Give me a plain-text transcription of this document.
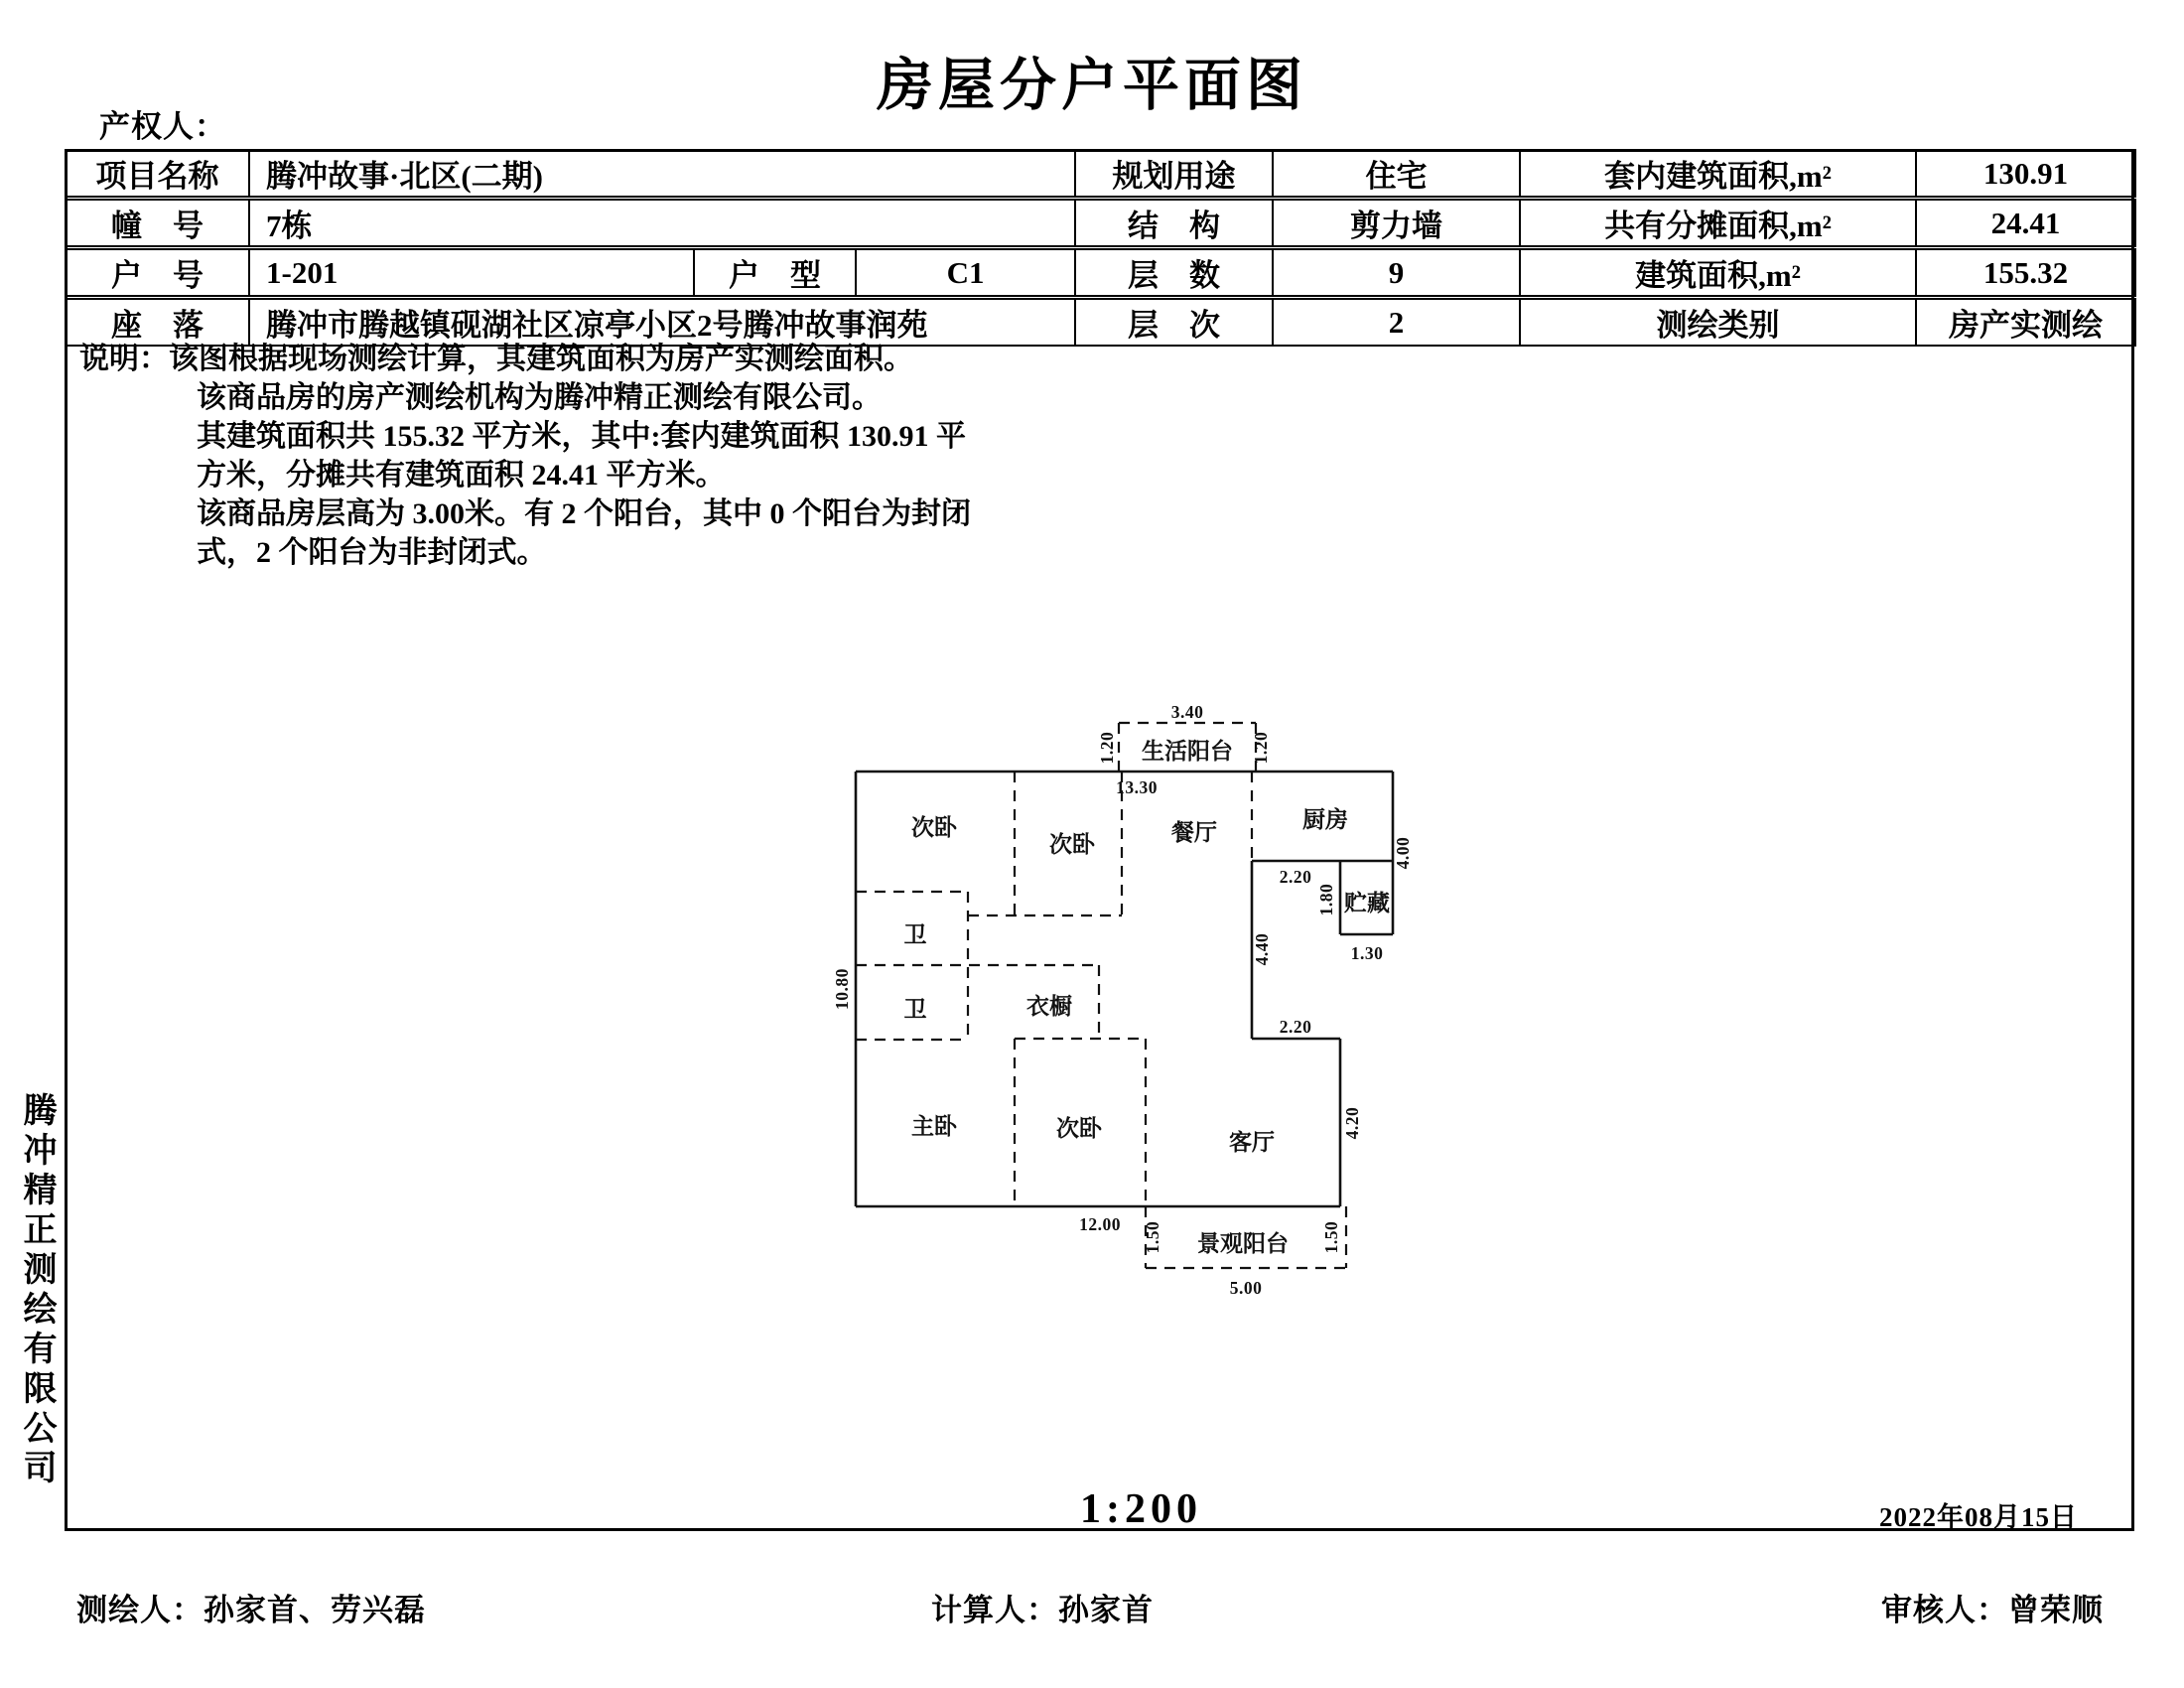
房屋分户平面图
产权人：
项目名称	腾冲故事·北区(二期)			规划用途	住宅	套内建筑面积,m²	130.91
幢　号	7栋			结　构	剪力墙	共有分摊面积,m²	24.41
户　号	1-201	户　型	C1	层　数	9	建筑面积,m²	155.32
座　落	腾冲市腾越镇砚湖社区凉亭小区2号腾冲故事润苑			层　次	2	测绘类别	房产实测绘
说明：该图根据现场测绘计算，其建筑面积为房产实测绘面积。
该商品房的房产测绘机构为腾冲精正测绘有限公司。
其建筑面积共 155.32 平方米，其中:套内建筑面积 130.91 平
方米，分摊共有建筑面积 24.41 平方米。
该商品房层高为 3.00米。有 2 个阳台，其中 0 个阳台为封闭
式，2 个阳台为非封闭式。
生活阳台
次卧
次卧	餐厅
厨房
贮藏
卫
卫	衣橱
主卧	次卧
客厅
景观阳台
3.40
1.20	1.20
13.30
4.00
2.20
1.80
1.30
4.40
2.20
4.20
10.80
12.00 1.50	1.50
5.00
1:200	2022年08月15日
腾冲精正测绘有限公司
测绘人：孙家首、劳兴磊	计算人：孙家首	审核人：曾荣顺
